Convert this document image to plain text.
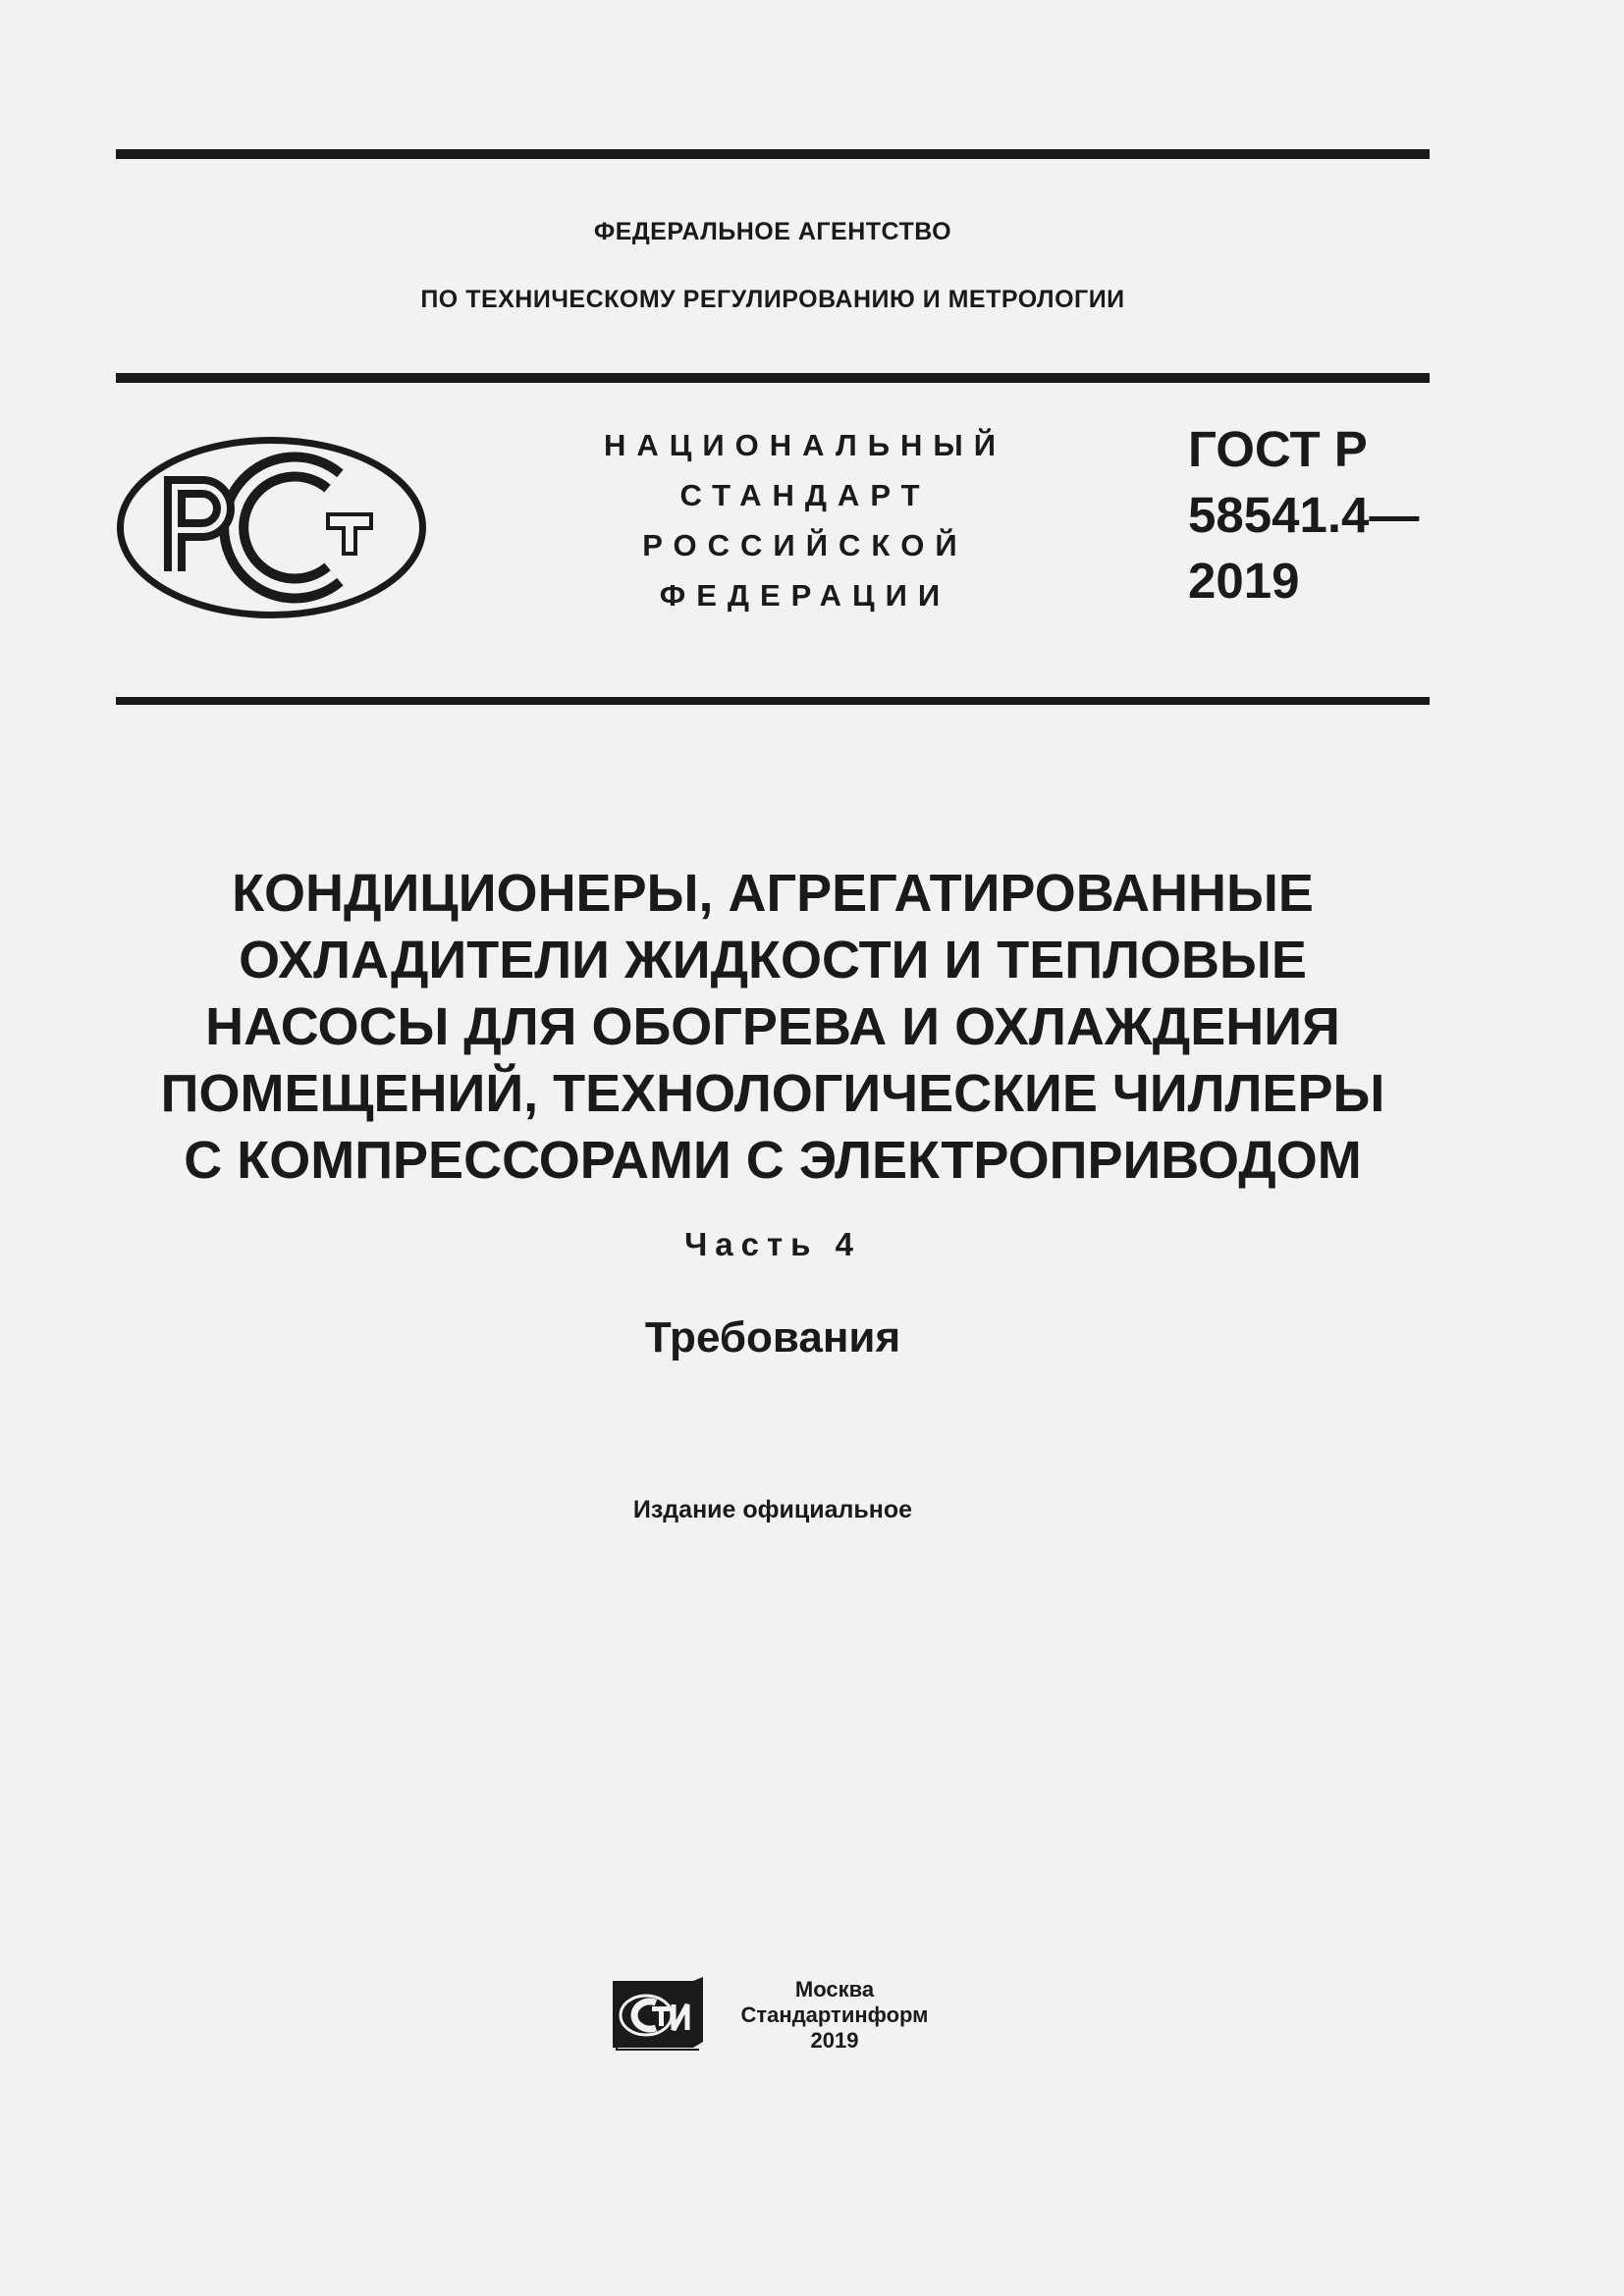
ФЕДЕРАЛЬНОЕ АГЕНТСТВО
ПО ТЕХНИЧЕСКОМУ РЕГУЛИРОВАНИЮ И МЕТРОЛОГИИ
НАЦИОНАЛЬНЫЙ
СТАНДАРТ
РОССИЙСКОЙ
ФЕДЕРАЦИИ
ГОСТ Р
58541.4—
2019
КОНДИЦИОНЕРЫ, АГРЕГАТИРОВАННЫЕ
ОХЛАДИТЕЛИ ЖИДКОСТИ И ТЕПЛОВЫЕ
НАСОСЫ ДЛЯ ОБОГРЕВА И ОХЛАЖДЕНИЯ
ПОМЕЩЕНИЙ, ТЕХНОЛОГИЧЕСКИЕ ЧИЛЛЕРЫ
С КОМПРЕССОРАМИ С ЭЛЕКТРОПРИВОДОМ
Часть 4
Требования
Издание официальное
Москва
Стандартинформ
2019
